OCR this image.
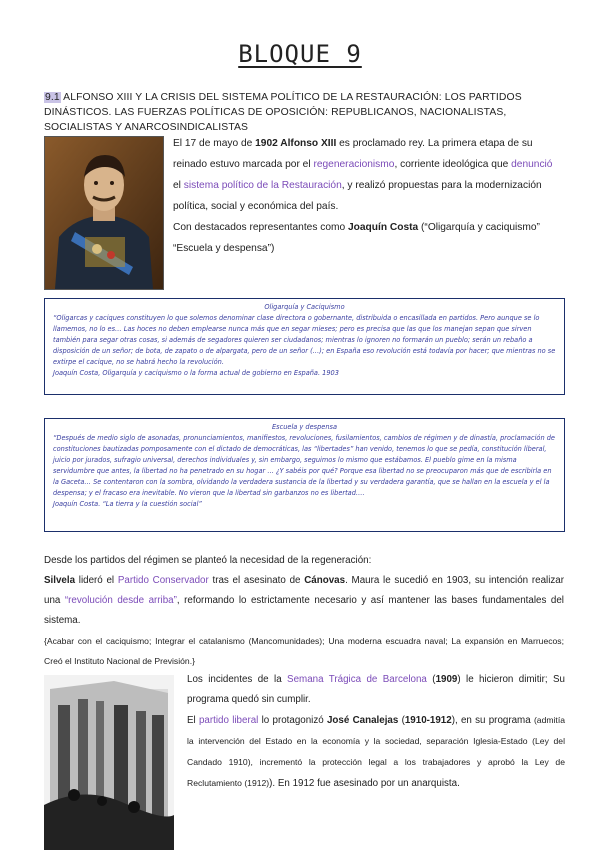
BLOQUE 9
9.1 ALFONSO XIII Y LA CRISIS DEL SISTEMA POLÍTICO DE LA RESTAURACIÓN: LOS PARTIDOS DINÁSTICOS. LAS FUERZAS POLÍTICAS DE OPOSICIÓN: REPUBLICANOS, NACIONALISTAS, SOCIALISTAS Y ANARCOSINDICALISTAS
El 17 de mayo de 1902 Alfonso XIII es proclamado rey. La primera etapa de su reinado estuvo marcada por el regeneracionismo, corriente ideológica que denunció el sistema político de la Restauración, y realizó propuestas para la modernización política, social y económica del país.
Con destacados representantes como Joaquín Costa (“Oligarquía y caciquismo” “Escuela y despensa”)
Oligarquía y Caciquismo
“Oligarcas y caciques constituyen lo que solemos denominar clase directora o gobernante, distribuida o encasillada en partidos. Pero aunque se lo llamemos, no lo es… Las hoces no deben emplearse nunca más que en segar mieses; pero es precisa que las que los manejan sepan que sirven también para segar otras cosas, si además de segadores quieren ser ciudadanos; mientras lo ignoren no formarán un pueblo; serán un rebaño a disposición de un señor; de bota, de zapato o de alpargata, pero de un señor (…); en España eso revolución está todavía por hacer; que mientras no se extirpe el cacique, no se habrá hecho la revolución.
Joaquín Costa, Oligarquía y caciquismo o la forma actual de gobierno en España. 1903
Escuela y despensa
“Después de medio siglo de asonadas, pronunciamientos, manifiestos, revoluciones, fusilamientos, cambios de régimen y de dinastía, proclamación de constituciones bautizadas pomposamente con el dictado de democráticas, las “libertades” han venido, tenemos lo que se pedía, constitución liberal, juicio por jurados, sufragio universal, derechos individuales y, sin embargo, seguimos lo mismo que estábamos. El pueblo gime en la misma servidumbre que antes, la libertad no ha penetrado en su hogar … ¿Y sabéis por qué? Porque esa libertad no se preocuparon más que de escribirla en la Gaceta… Se contentaron con la sombra, olvidando la verdadera sustancia de la libertad y su verdadera garantía, que se hallan en la escuela y el la despensa; y el fracaso era inevitable. No vieron que la libertad sin garbanzos no es libertad….
Joaquín Costa. “La tierra y la cuestión social”

Desde los partidos del régimen se planteó la necesidad de la regeneración:

Silvela lideró el Partido Conservador tras el asesinato de Cánovas. Maura le sucedió en 1903, su intención realizar una “revolución desde arriba”, reformando lo estrictamente necesario y así mantener las bases fundamentales del sistema.

{Acabar con el caciquismo; Integrar el catalanismo (Mancomunidades); Una moderna escuadra naval; La expansión en Marruecos; Creó el Instituto Nacional de Previsión.}

Los incidentes de la Semana Trágica de Barcelona (1909) le hicieron dimitir; Su programa quedó sin cumplir.

El partido liberal lo protagonizó José Canalejas (1910-1912), en su programa (admitía la intervención del Estado en la economía y la sociedad, separación Iglesia-Estado (Ley del Candado 1910), incrementó la protección legal a los trabajadores y aprobó la Ley de Reclutamiento (1912)). En 1912 fue asesinado por un anarquista.
